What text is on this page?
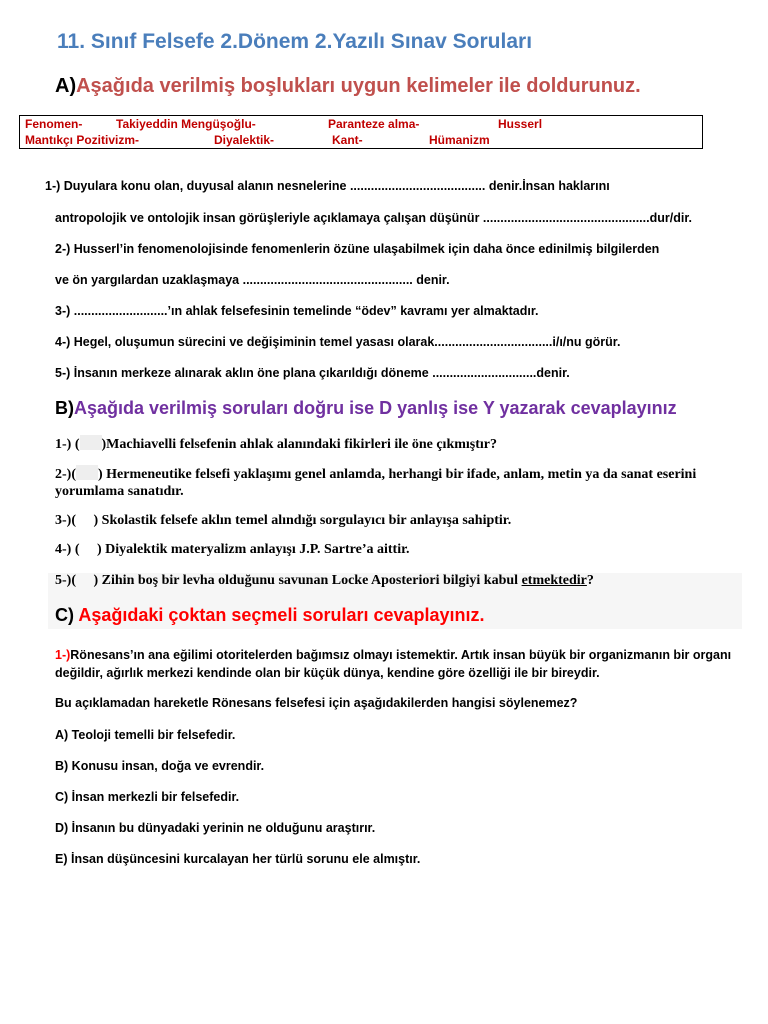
11. Sınıf Felsefe 2.Dönem 2.Yazılı Sınav Soruları
A)Aşağıda verilmiş boşlukları uygun kelimeler ile doldurunuz.
Fenomen-	Takiyeddin Mengüşoğlu-	Paranteze alma-	Husserl
Mantıkçı Pozitivizm-	Diyalektik-	Kant-	Hümanizm
1-) Duyulara konu olan, duyusal alanın nesnelerine ....................................... denir.İnsan haklarını
antropolojik ve ontolojik insan görüşleriyle açıklamaya çalışan düşünür ................................................dur/dir.
2-) Husserl’in fenomenolojisinde fenomenlerin özüne ulaşabilmek için daha önce edinilmiş bilgilerden
ve ön yargılardan uzaklaşmaya ................................................. denir.
3-) ...........................’ın ahlak felsefesinin temelinde “ödev” kavramı yer almaktadır.
4-) Hegel, oluşumun sürecini ve değişiminin temel yasası olarak..................................i/ı/nu görür.
5-) İnsanın merkeze alınarak aklın öne plana çıkarıldığı döneme ..............................denir.
B)Aşağıda verilmiş soruları doğru ise D yanlış ise Y yazarak cevaplayınız
1-) ( )Machiavelli felsefenin ahlak alanındaki fikirleri ile öne çıkmıştır?
2-)( ) Hermeneutike felsefi yaklaşımı genel anlamda, herhangi bir ifade, anlam, metin ya da sanat eserini
yorumlama sanatıdır.
3-)( ) Skolastik felsefe aklın temel alındığı sorgulayıcı bir anlayışa sahiptir.
4-) ( ) Diyalektik materyalizm anlayışı J.P. Sartre’a aittir.
5-)( ) Zihin boş bir levha olduğunu savunan Locke Aposteriori bilgiyi kabul etmektedir?
C) Aşağıdaki çoktan seçmeli soruları cevaplayınız.
1-)Rönesans’ın ana eğilimi otoritelerden bağımsız olmayı istemektir. Artık insan büyük bir organizmanın bir organı
değildir, ağırlık merkezi kendinde olan bir küçük dünya, kendine göre özelliği ile bir bireydir.
Bu açıklamadan hareketle Rönesans felsefesi için aşağıdakilerden hangisi söylenemez?
A) Teoloji temelli bir felsefedir.
B) Konusu insan, doğa ve evrendir.
C) İnsan merkezli bir felsefedir.
D) İnsanın bu dünyadaki yerinin ne olduğunu araştırır.
E) İnsan düşüncesini kurcalayan her türlü sorunu ele almıştır.
